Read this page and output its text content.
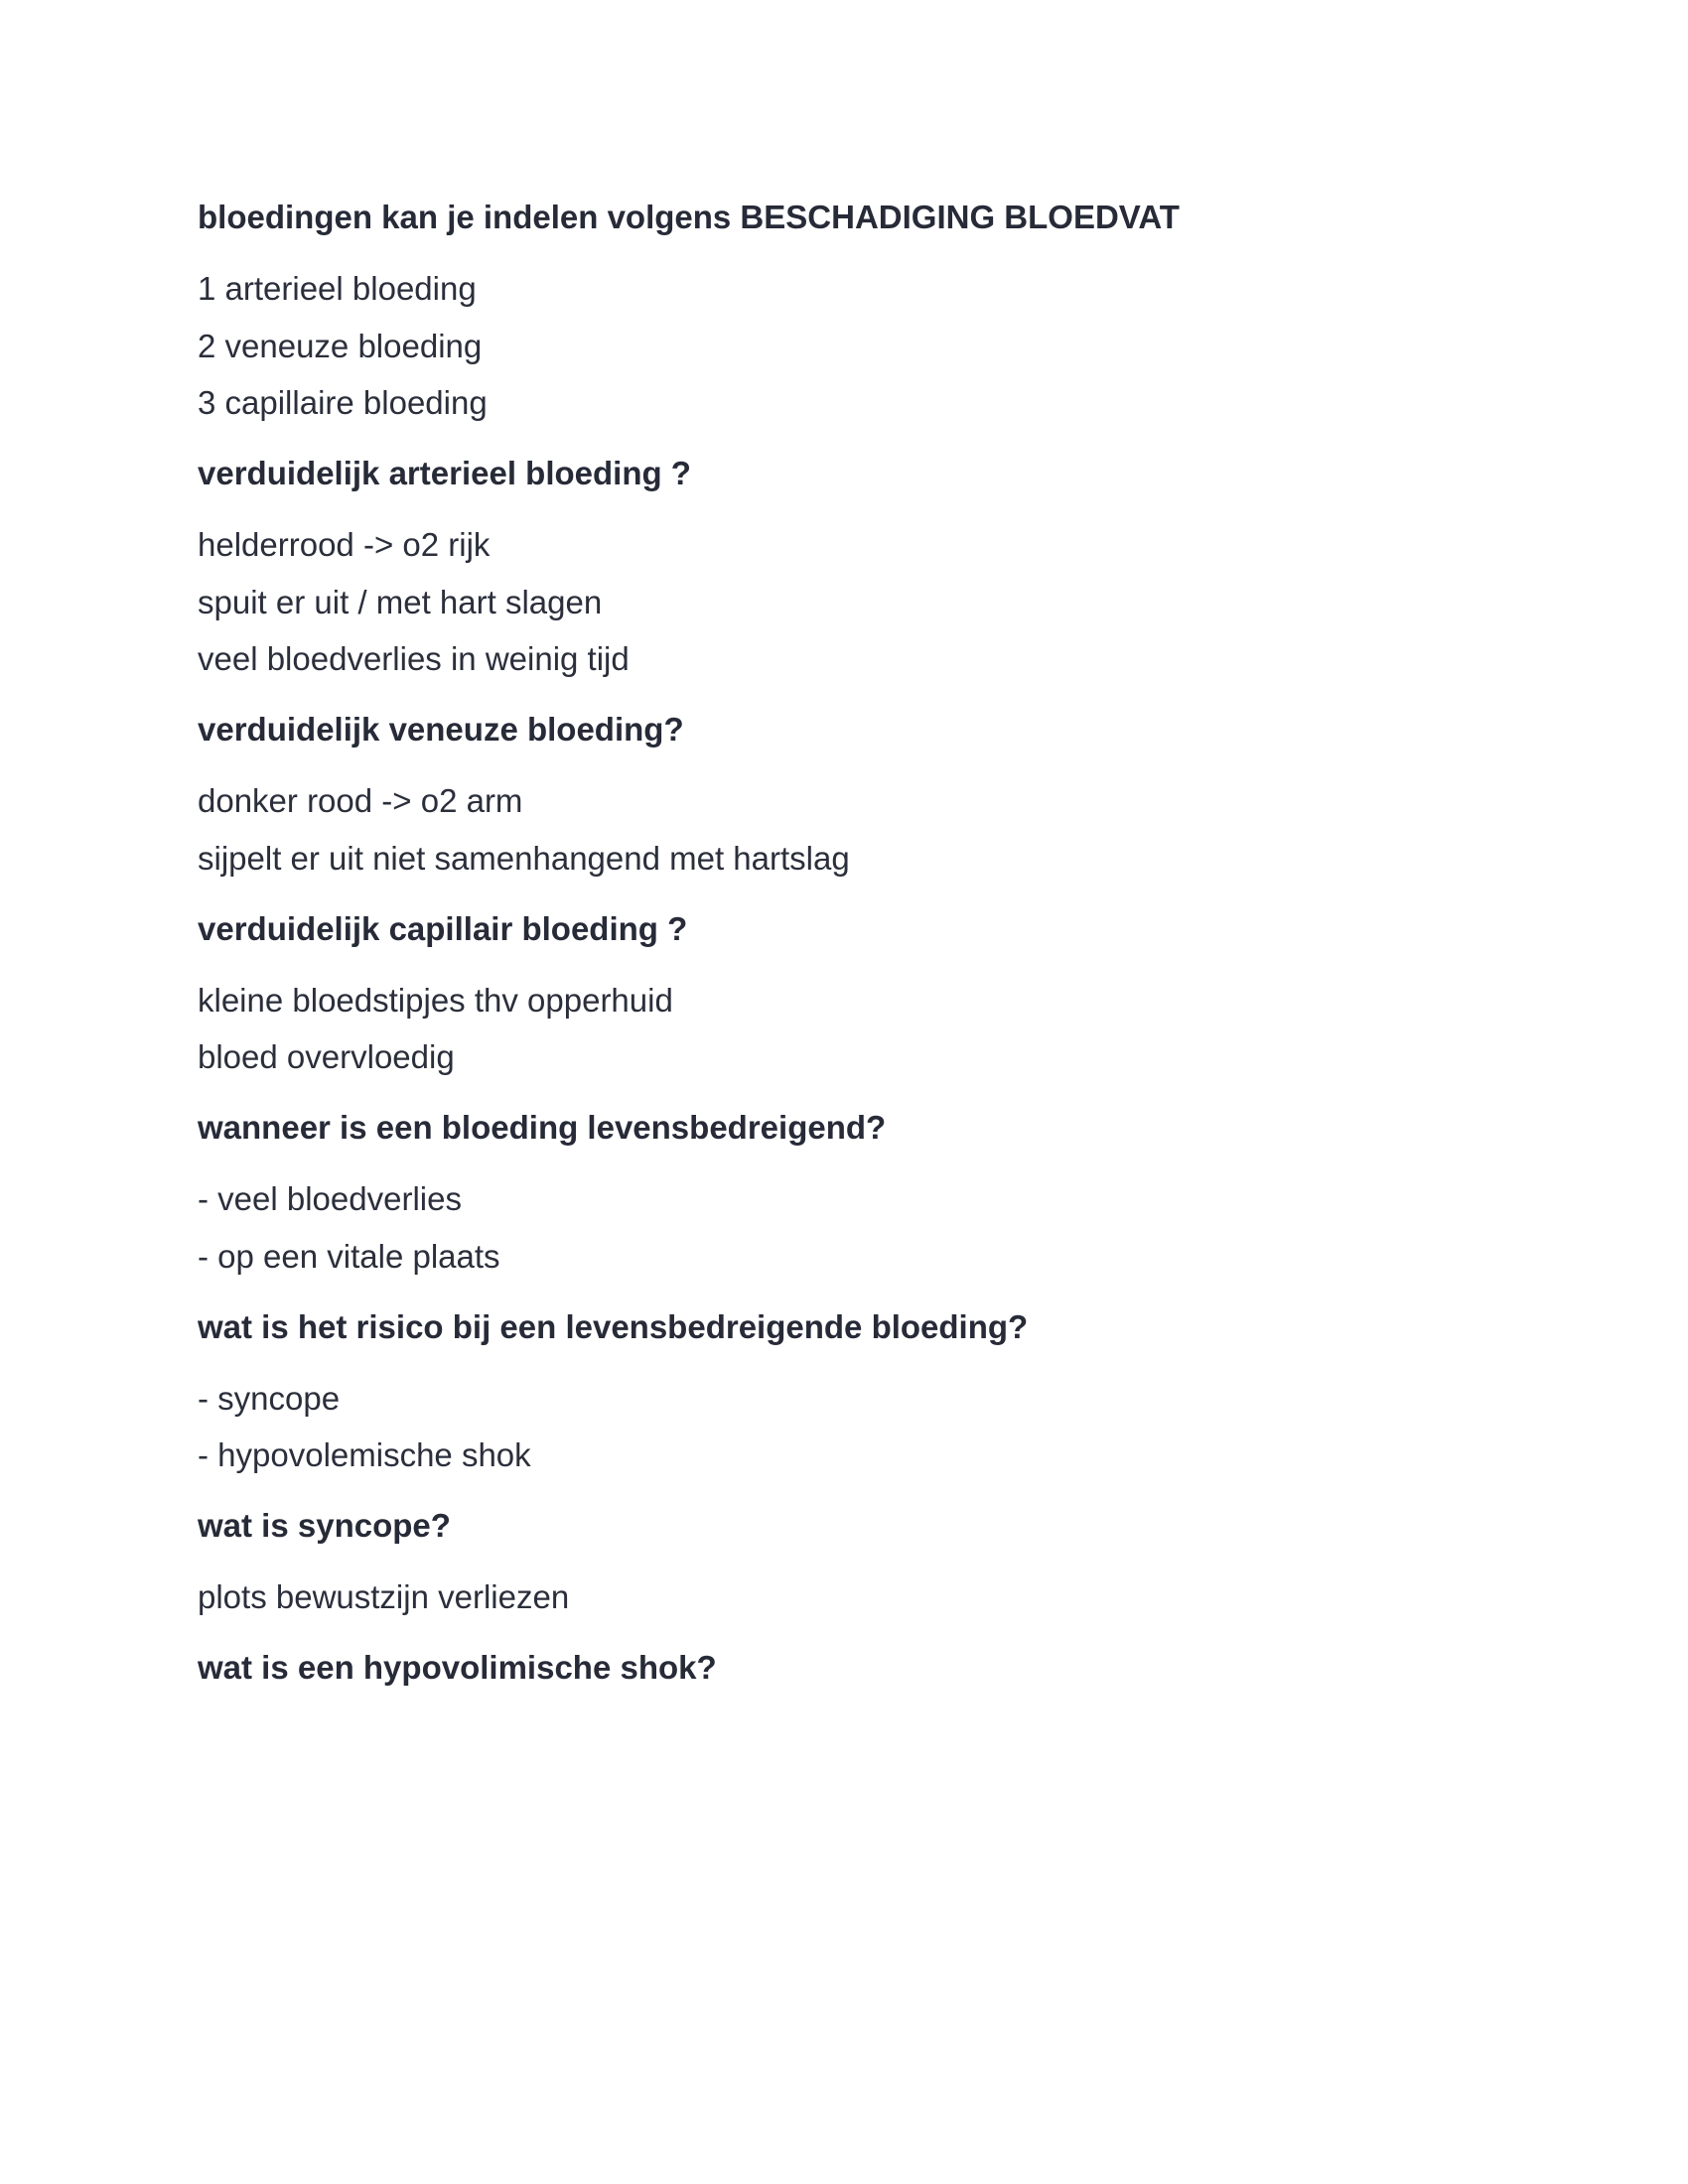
bloedingen kan je indelen volgens BESCHADIGING BLOEDVAT

1 arterieel bloeding
2 veneuze bloeding
3 capillaire bloeding

verduidelijk arterieel bloeding ?

helderrood -> o2 rijk
spuit er uit / met hart slagen
veel bloedverlies in weinig tijd

verduidelijk veneuze bloeding?

donker rood -> o2 arm
sijpelt er uit niet samenhangend met hartslag

verduidelijk capillair bloeding ?

kleine bloedstipjes thv opperhuid
bloed overvloedig

wanneer is een bloeding levensbedreigend?

- veel bloedverlies
- op een vitale plaats

wat is het risico bij een levensbedreigende bloeding?

- syncope
- hypovolemische shok

wat is syncope?

plots bewustzijn verliezen

wat is een hypovolimische shok?
